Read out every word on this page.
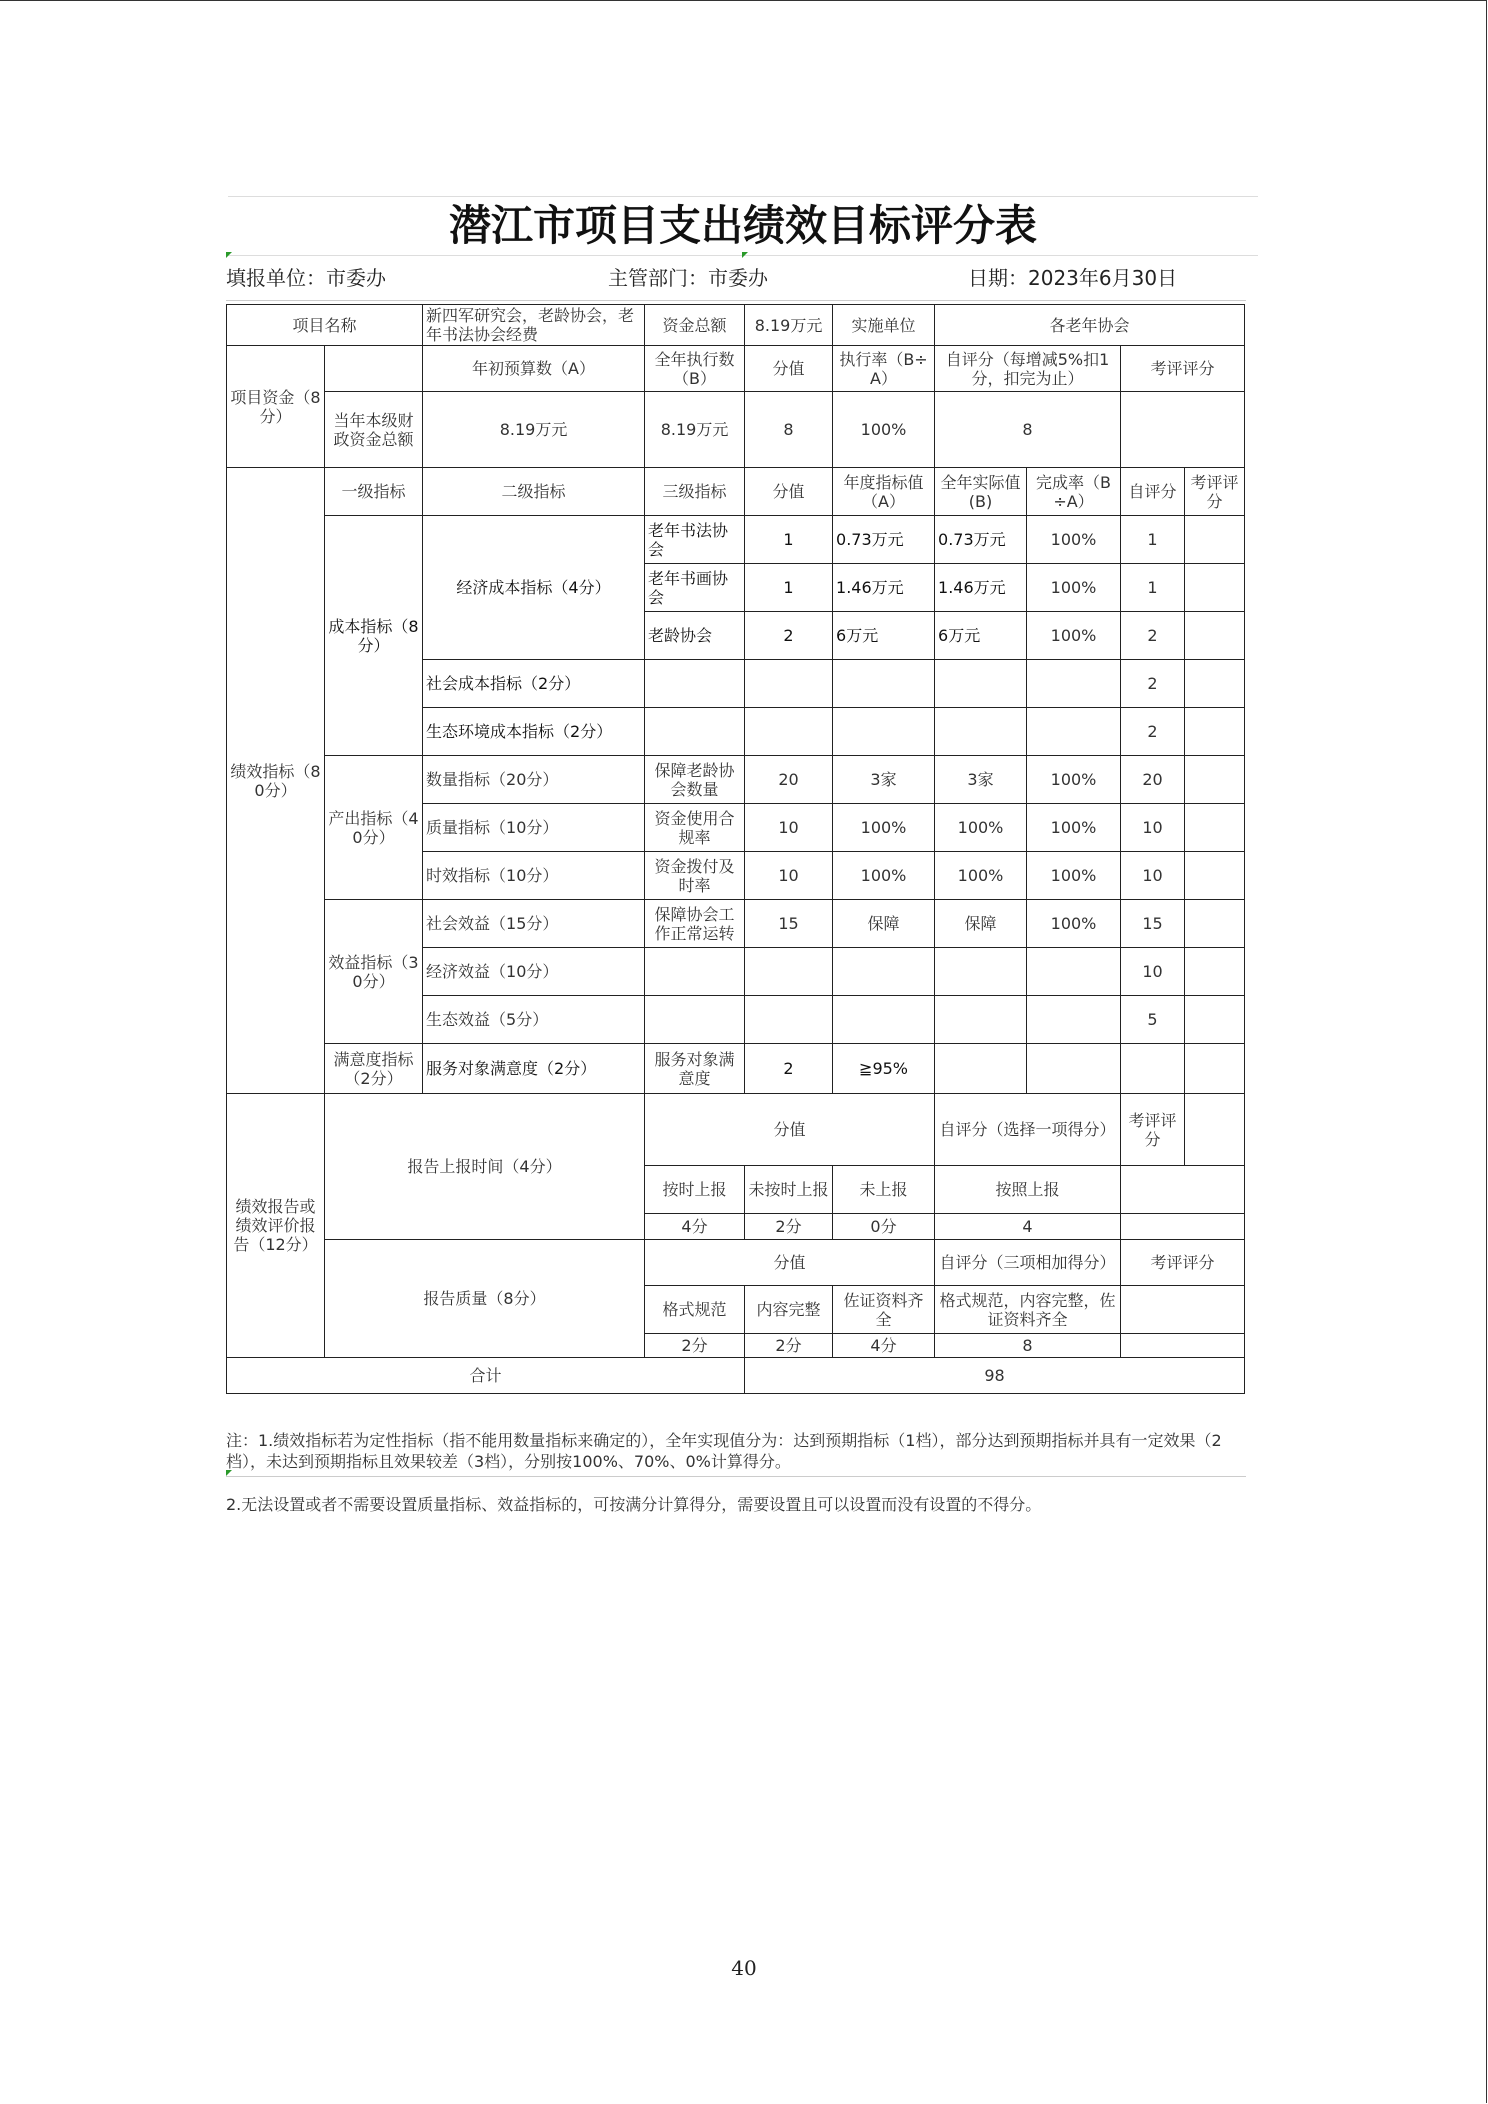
潜江市项目支出绩效目标评分表
填报单位：市委办	主管部门：市委办	日期：2023年6月30日
项目名称		新四军研究会，老龄协会，老年书法协会经费	资金总额	8.19万元	实施单位	各老年协会			
项目资金（8分）		年初预算数（A）	全年执行数（B）	分值	执行率（B÷A）	自评分（每增减5%扣1分，扣完为止）		考评评分	
	当年本级财政资金总额	8.19万元	8.19万元	8	100%	8			
绩效指标（80分）	一级指标	二级指标	三级指标	分值	年度指标值（A）	全年实际值(B)	完成率（B÷A）	自评分	考评评分
	成本指标（8分）	经济成本指标（4分）	老年书法协会	1	0.73万元	0.73万元	100%	1	
			老年书画协会	1	1.46万元	1.46万元	100%	1	
			老龄协会	2	6万元	6万元	100%	2	
		社会成本指标（2分）						2	
		生态环境成本指标（2分）						2	
	产出指标（40分）	数量指标（20分）	保障老龄协会数量	20	3家	3家	100%	20	
		质量指标（10分）	资金使用合规率	10	100%	100%	100%	10	
		时效指标（10分）	资金拨付及时率	10	100%	100%	100%	10	
	效益指标（30分）	社会效益（15分）	保障协会工作正常运转	15	保障	保障	100%	15	
		经济效益（10分）						10	
		生态效益（5分）						5	
	满意度指标（2分）	服务对象满意度（2分）	服务对象满意度	2	≧95%				
绩效报告或绩效评价报告（12分）	报告上报时间（4分）		分值			自评分（选择一项得分）		考评评分	
			按时上报	未按时上报	未上报	按照上报			
			4分	2分	0分	4			
	报告质量（8分）		分值			自评分（三项相加得分）		考评评分	
			格式规范	内容完整	佐证资料齐全	格式规范，内容完整，佐证资料齐全			
			2分	2分	4分	8			
合计				98					
注：1.绩效指标若为定性指标（指不能用数量指标来确定的），全年实现值分为：达到预期指标（1档），部分达到预期指标并具有一定效果（2档），未达到预期指标且效果较差（3档），分别按100%、70%、0%计算得分。
2.无法设置或者不需要设置质量指标、效益指标的，可按满分计算得分，需要设置且可以设置而没有设置的不得分。
40
